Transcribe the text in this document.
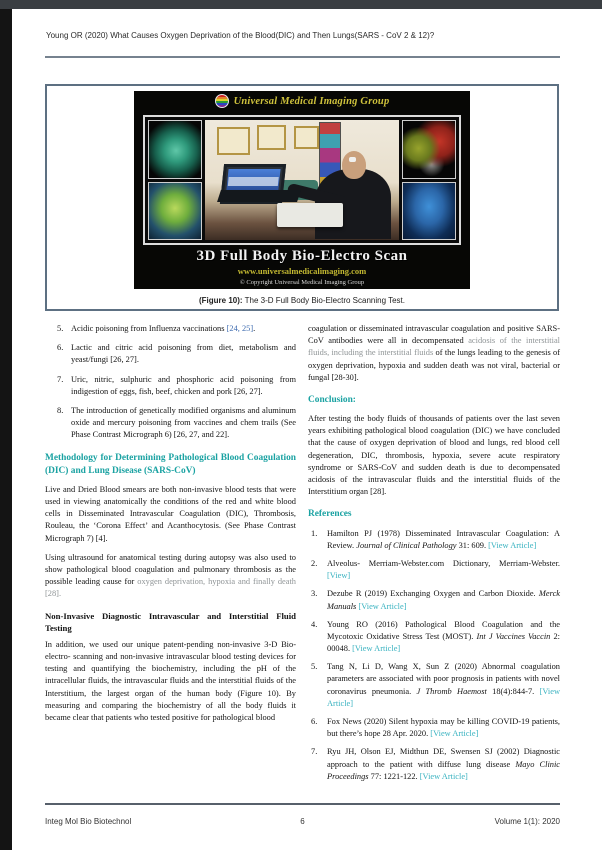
Young OR (2020) What Causes Oxygen Deprivation of the Blood(DIC) and Then Lungs(SARS - CoV 2 & 12)?
Universal Medical Imaging Group
3D Full Body Bio-Electro Scan
www.universalmedicalimaging.com
© Copyright Universal Medical Imaging Group
(Figure 10): The 3-D Full Body Bio-Electro Scanning Test.
5. Acidic poisoning from Influenza vaccinations [24, 25].
6. Lactic and citric acid poisoning from diet, metabolism and yeast/fungi [26, 27].
7. Uric, nitric, sulphuric and phosphoric acid poisoning from indigestion of eggs, fish, beef, chicken and pork [26, 27].
8. The introduction of genetically modified organisms and aluminum oxide and mercury poisoning from vaccines and chem trails (See Phase Contrast Micrograph 6) [26, 27, and 22].
Methodology for Determining Pathological Blood Coagulation (DIC) and Lung Disease (SARS-CoV)

Live and Dried Blood smears are both non-invasive blood tests that were used in viewing anatomically the conditions of the red and white blood cells in Disseminated Intravascular Coagulation (DIC), Thrombosis, Rouleau, the ‘Corona Effect’ and Acanthocytosis. (See Phase Contrast Micrograph 7) [4].

Using ultrasound for anatomical testing during autopsy was also used to show pathological blood coagulation and pulmonary thrombosis as the possible leading cause for oxygen deprivation, hypoxia and finally death [28].

Non-Invasive Diagnostic Intravascular and Interstitial Fluid Testing

In addition, we used our unique patent-pending non-invasive 3-D Bio-electro- scanning and non-invasive intravascular blood testing devices for testing and quantifying the biochemistry, including the pH of the intracellular fluids, the intravascular fluids and the interstitial fluids of the Interstitium, the largest organ of the human body (Figure 10). By measuring and comparing the biochemistry of all the body fluids it became clear that patients who tested positive for pathological blood

coagulation or disseminated intravascular coagulation and positive SARS-CoV antibodies were all in decompensated acidosis of the interstitial fluids, including the interstitial fluids of the lungs leading to the genesis of oxygen deprivation, hypoxia and sudden death was not viral, bacterial or fungal [28-30].

Conclusion:

After testing the body fluids of thousands of patients over the last seven years exhibiting pathological blood coagulation (DIC) we have concluded that the cause of oxygen deprivation of blood and lungs, red blood cell degeneration, DIC, thrombosis, hypoxia, severe acute respiratory syndrome or SARS-CoV and sudden death is due to decompensated acidosis of the intravascular fluids and the interstitial fluids of the Interstitium organ [28].

References
1.	Hamilton PJ (1978) Disseminated Intravascular Coagulation: A Review. Journal of Clinical Pathology 31: 609. [View Article]
2.	Alveolus- Merriam-Webster.com Dictionary, Merriam-Webster. [View]
3.	Dezube R (2019) Exchanging Oxygen and Carbon Dioxide. Merck Manuals [View Article]
4.	Young RO (2016) Pathological Blood Coagulation and the Mycotoxic Oxidative Stress Test (MOST). Int J Vaccines Vaccin 2: 00048. [View Article]
5.	Tang N, Li D, Wang X, Sun Z (2020) Abnormal coagulation parameters are associated with poor prognosis in patients with novel coronavirus pneumonia. J Thromb Haemost 18(4):844-7. [View Article]
6.	Fox News (2020) Silent hypoxia may be killing COVID-19 patients, but there’s hope 28 Apr. 2020. [View Article]
7.	Ryu JH, Olson EJ, Midthun DE, Swensen SJ (2002) Diagnostic approach to the patient with diffuse lung disease Mayo Clinic Proceedings 77: 1221-122. [View Article]
Integ Mol Bio Biotechnol	6	Volume 1(1): 2020
